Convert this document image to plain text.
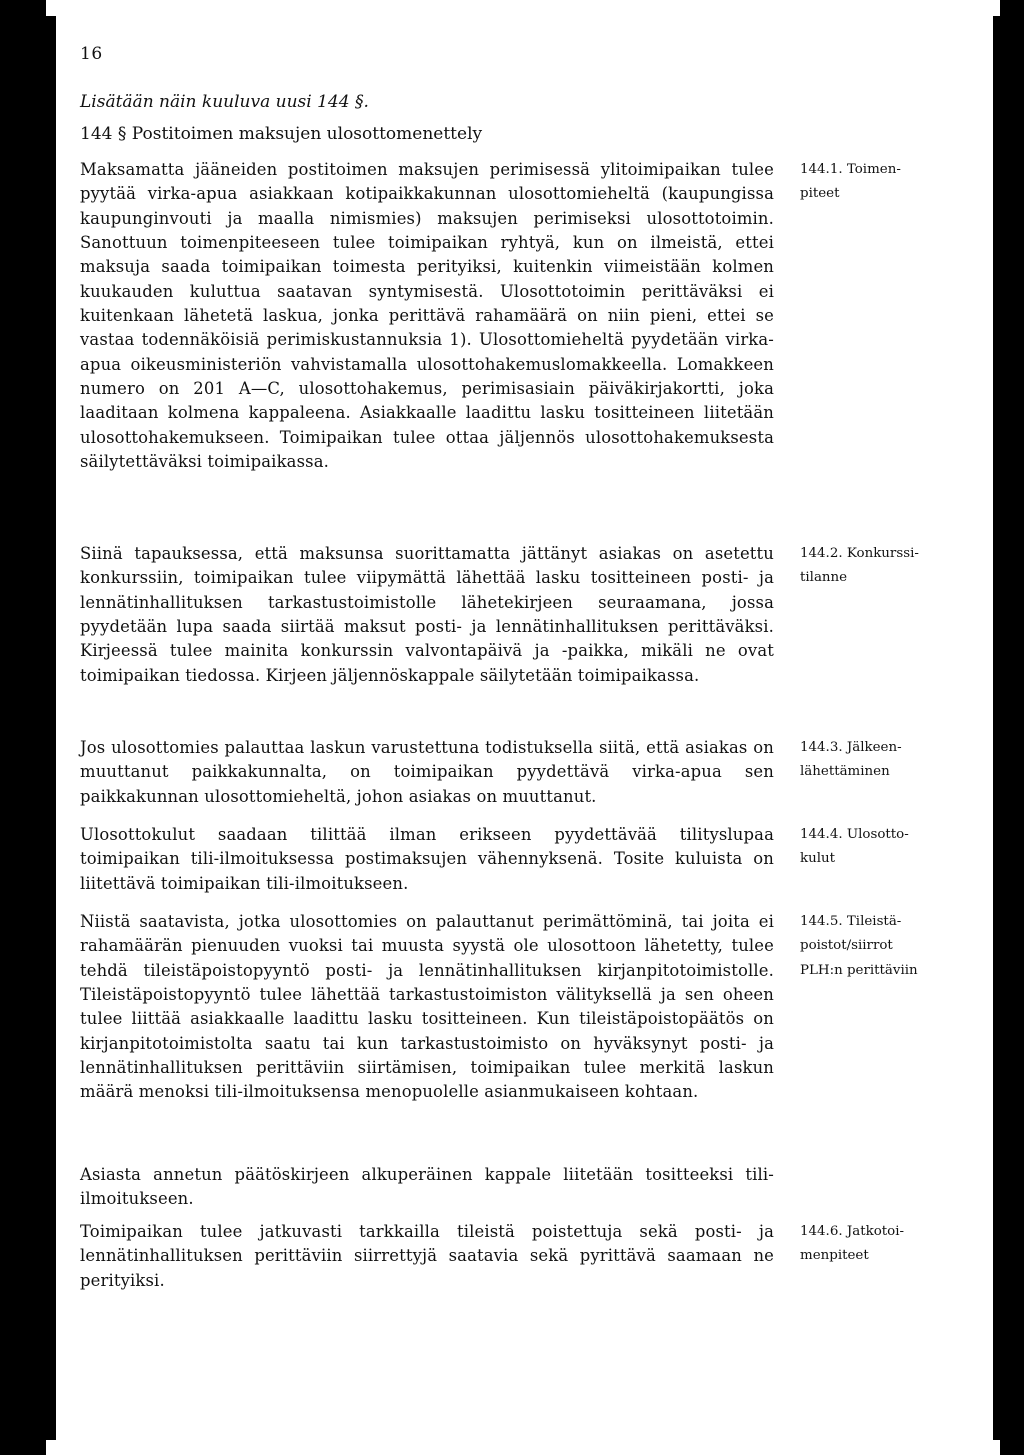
16
Lisätään näin kuuluva uusi 144 §.
144 § Postitoimen maksujen ulosottomenettely
Maksamatta jääneiden postitoimen maksujen perimisessä ylitoimipaikan tulee pyytää virka-apua asiakkaan kotipaikkakunnan ulosottomieheltä (kaupungissa kaupunginvouti ja maalla nimismies) maksujen perimiseksi ulosottotoimin. Sanottuun toimenpiteeseen tulee toimipaikan ryhtyä, kun on ilmeistä, ettei maksuja saada toimipaikan toimesta perityiksi, kuitenkin viimeistään kolmen kuukauden kuluttua saatavan syntymisestä. Ulosottotoimin perittäväksi ei kuitenkaan lähetetä laskua, jonka perittävä rahamäärä on niin pieni, ettei se vastaa todennäköisiä perimiskustannuksia 1). Ulosottomieheltä pyydetään virka-apua oikeusministeriön vahvistamalla ulosottohakemuslomakkeella. Lomakkeen numero on 201 A—C, ulosottohakemus, perimisasiain päiväkirjakortti, joka laaditaan kolmena kappaleena. Asiakkaalle laadittu lasku tositteineen liitetään ulosottohakemukseen. Toimipaikan tulee ottaa jäljennös ulosottohakemuksesta säilytettäväksi toimipaikassa.
144.1. Toimen-
piteet
Siinä tapauksessa, että maksunsa suorittamatta jättänyt asiakas on asetettu konkurssiin, toimipaikan tulee viipymättä lähettää lasku tositteineen posti- ja lennätinhallituksen tarkastustoimistolle lähetekirjeen seuraamana, jossa pyydetään lupa saada siirtää maksut posti- ja lennätinhallituksen perittäväksi. Kirjeessä tulee mainita konkurssin valvontapäivä ja -paikka, mikäli ne ovat toimipaikan tiedossa. Kirjeen jäljennöskappale säilytetään toimipaikassa.
144.2. Konkurssi-
tilanne
Jos ulosottomies palauttaa laskun varustettuna todistuksella siitä, että asiakas on muuttanut paikkakunnalta, on toimipaikan pyydettävä virka-apua sen paikkakunnan ulosottomieheltä, johon asiakas on muuttanut.
144.3. Jälkeen-
lähettäminen
Ulosottokulut saadaan tilittää ilman erikseen pyydettävää tilityslupaa toimipaikan tili-ilmoituksessa postimaksujen vähennyksenä. Tosite kuluista on liitettävä toimipaikan tili-ilmoitukseen.
144.4. Ulosotto-
kulut
Niistä saatavista, jotka ulosottomies on palauttanut perimättöminä, tai joita ei rahamäärän pienuuden vuoksi tai muusta syystä ole ulosottoon lähetetty, tulee tehdä tileistäpoistopyyntö posti- ja lennätinhallituksen kirjanpitotoimistolle. Tileistäpoistopyyntö tulee lähettää tarkastustoimiston välityksellä ja sen oheen tulee liittää asiakkaalle laadittu lasku tositteineen. Kun tileistäpoistopäätös on kirjanpitotoimistolta saatu tai kun tarkastustoimisto on hyväksynyt posti- ja lennätinhallituksen perittäviin siirtämisen, toimipaikan tulee merkitä laskun määrä menoksi tili-ilmoituksensa menopuolelle asianmukaiseen kohtaan.
144.5. Tileistä-
poistot/siirrot
PLH:n perittäviin
Asiasta annetun päätöskirjeen alkuperäinen kappale liitetään tositteeksi tili-ilmoitukseen.
Toimipaikan tulee jatkuvasti tarkkailla tileistä poistettuja sekä posti- ja lennätinhallituksen perittäviin siirrettyjä saatavia sekä pyrittävä saamaan ne perityiksi.
144.6. Jatkotoi-
menpiteet
